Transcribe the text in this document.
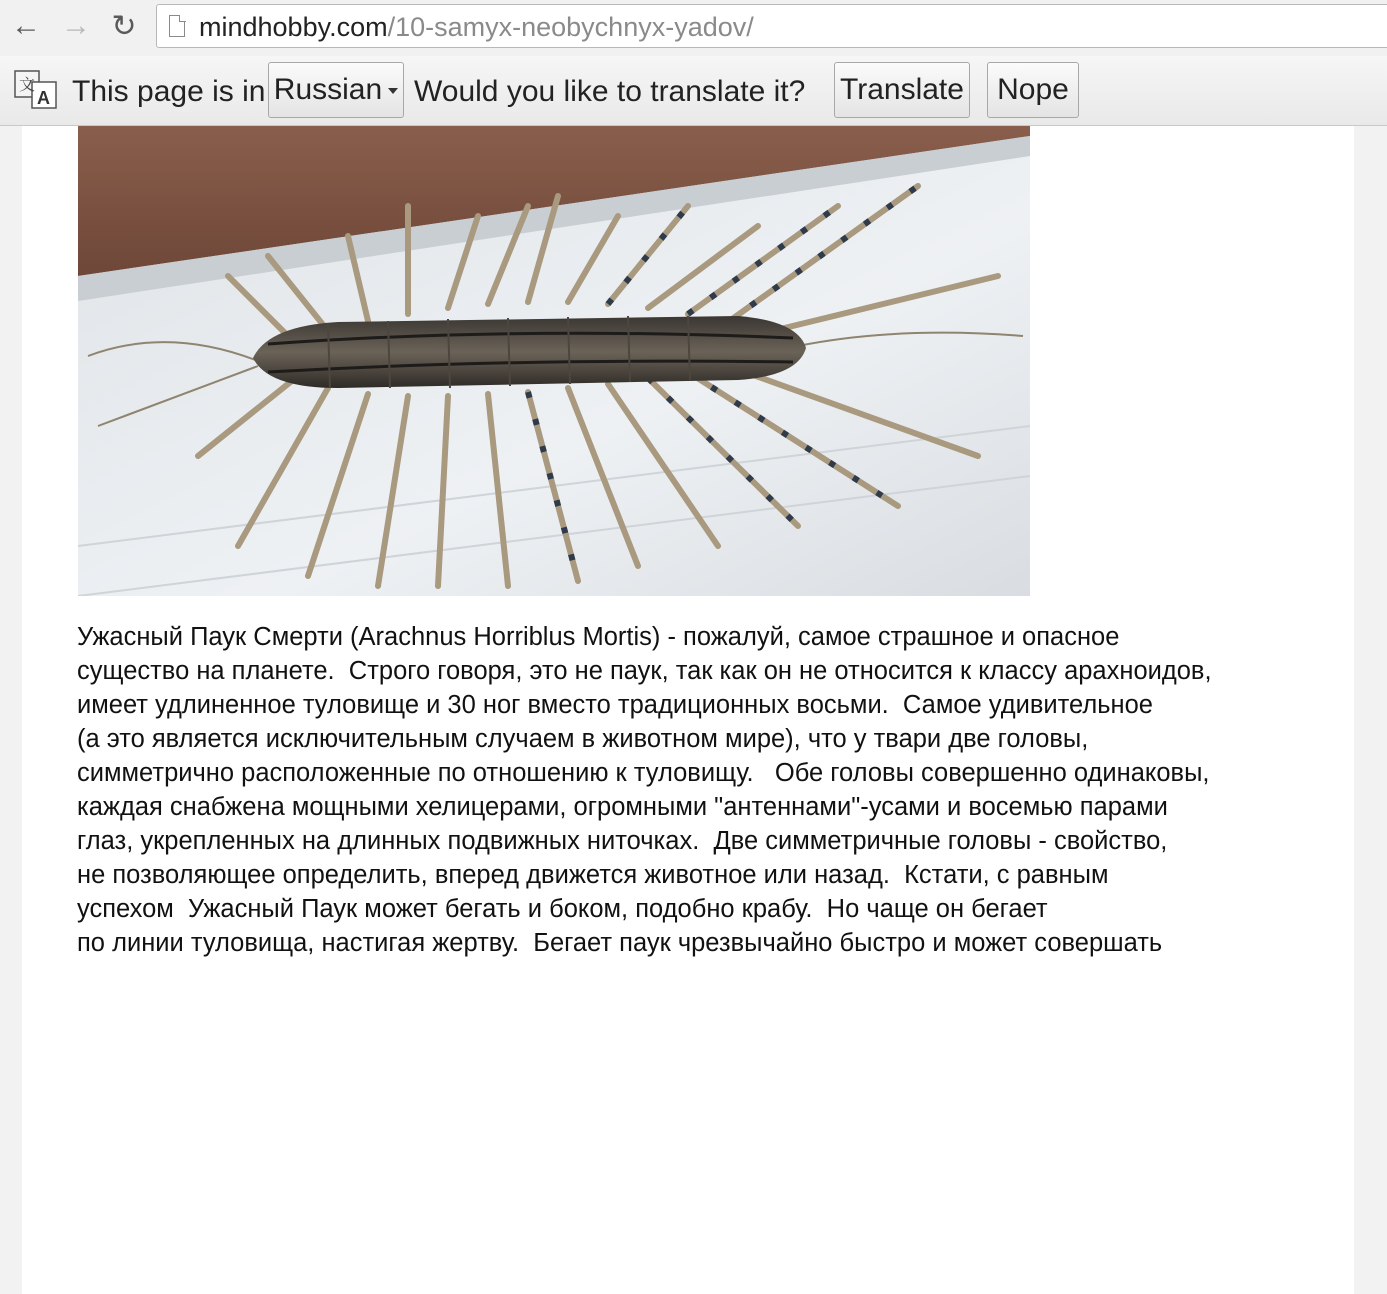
← → ↻ mindhobby.com/10-samyx-neobychnyx-yadov/
文
A This page is in Russian	Would you like to translate it? Translate	Nope

Ужасный Паук Смерти (Arachnus Horriblus Mortis) - пожалуй, самое страшное и опасное

существо на планете.  Строго говоря, это не паук, так как он не относится к классу арахноидов,

имеет удлиненное туловище и 30 ног вместо традиционных восьми.  Самое удивительное

(а это является исключительным случаем в животном мире), что у твари две головы,

симметрично расположенные по отношению к туловищу.   Обе головы совершенно одинаковы,

каждая снабжена мощными хелицерами, огромными "антеннами"-усами и восемью парами

глаз, укрепленных на длинных подвижных ниточках.  Две симметричные головы - свойство,

не позволяющее определить, вперед движется животное или назад.  Кстати, с равным

успехом  Ужасный Паук может бегать и боком, подобно крабу.  Но чаще он бегает

по линии туловища, настигая жертву.  Бегает паук чрезвычайно быстро и может совершать
